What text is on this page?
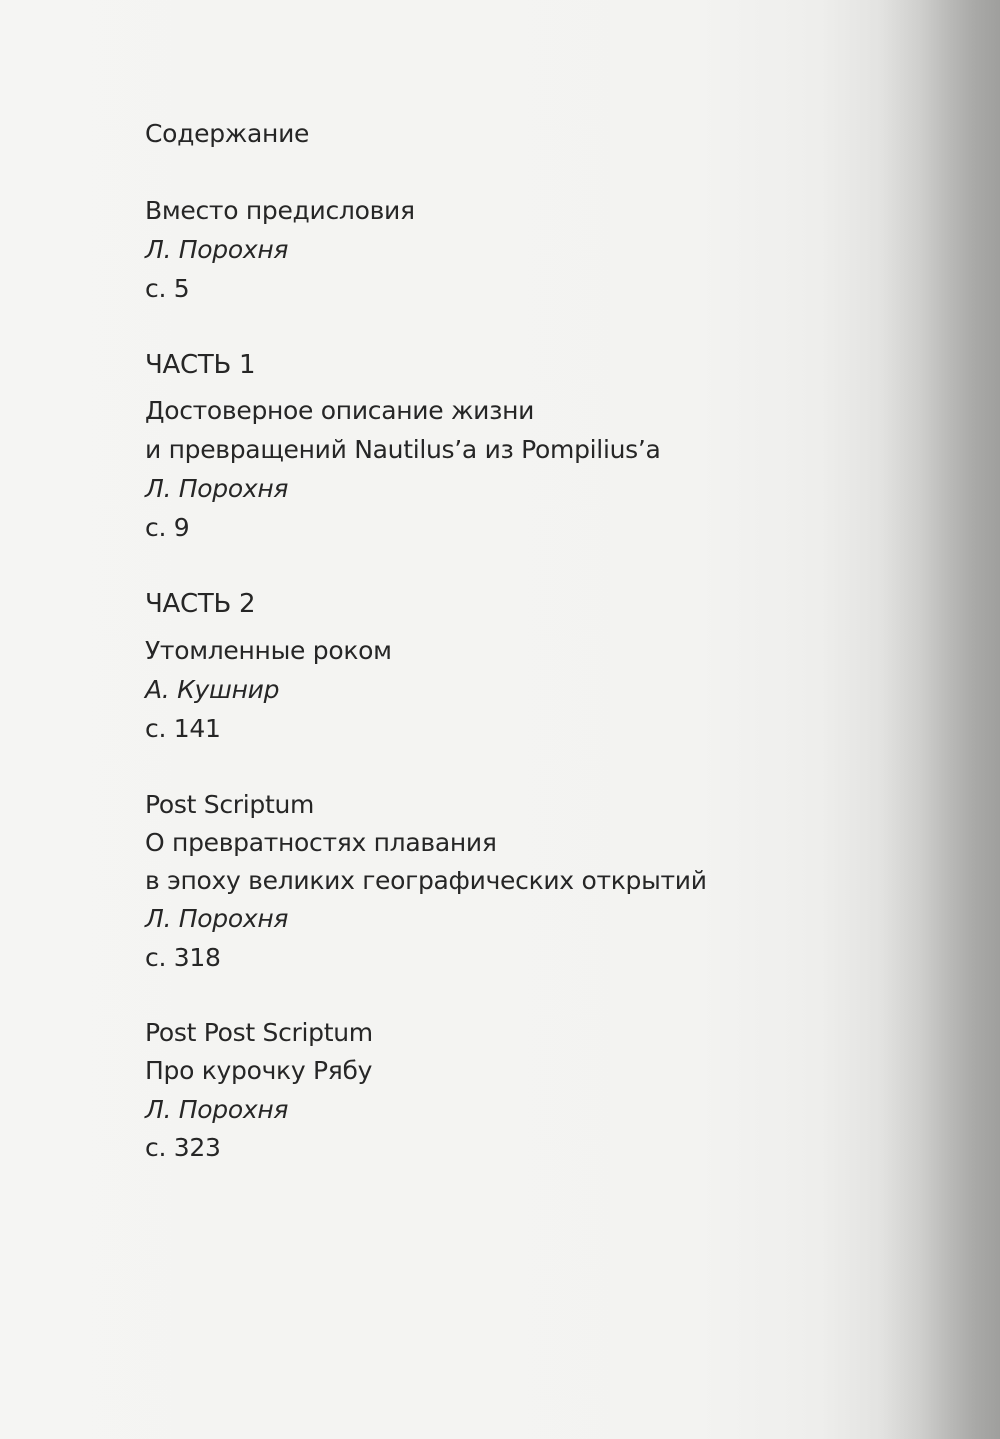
Содержание
Вместо предисловия
Л. Порохня
с. 5
ЧАСТЬ 1
Достоверное описание жизни
и превращений Nautilus’a из Pompilius’a
Л. Порохня
с. 9
ЧАСТЬ 2
Утомленные роком
А. Кушнир
с. 141
Post Scriptum
О превратностях плавания
в эпоху великих географических открытий
Л. Порохня
с. 318
Post Post Scriptum
Про курочку Рябу
Л. Порохня
с. 323
